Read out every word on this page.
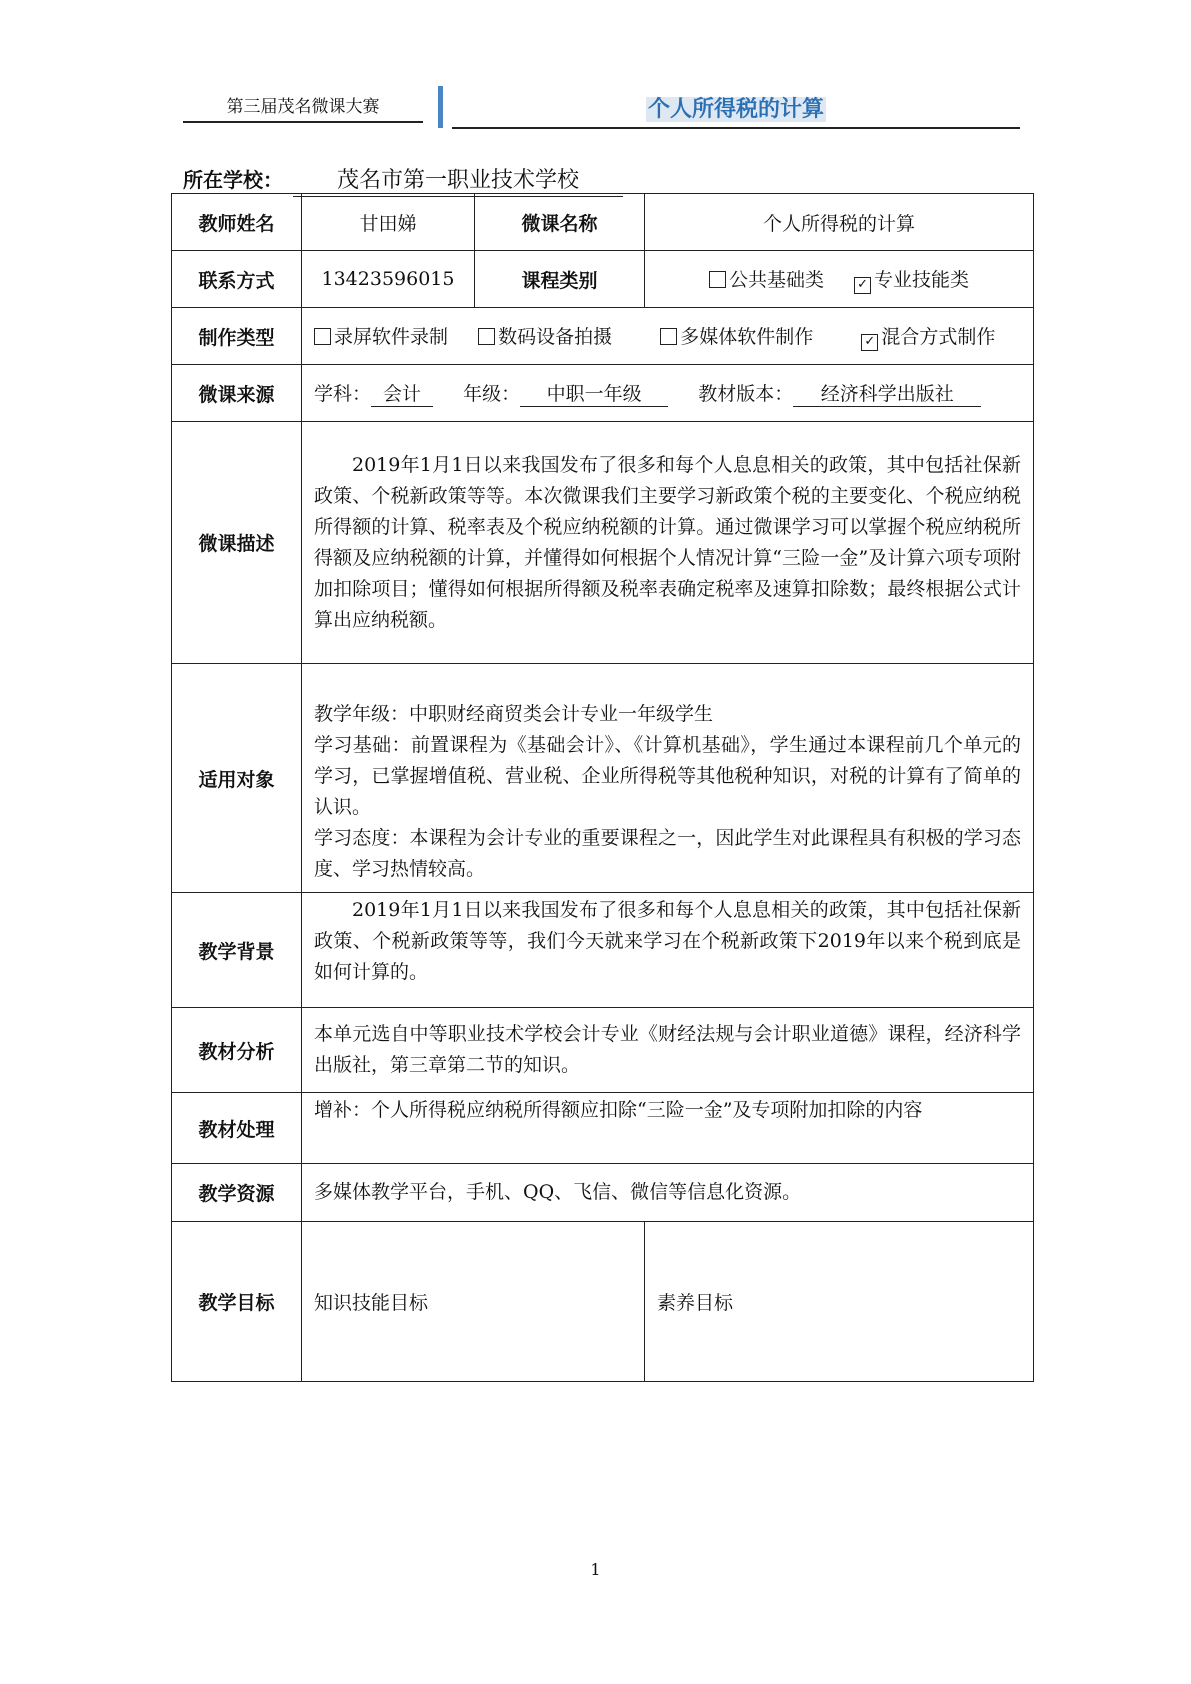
第三届茂名微课大赛	个人所得税的计算
所在学校： 茂名市第一职业技术学校
教师姓名	甘田娣	微课名称	个人所得税的计算
联系方式	13423596015	课程类别	公共基础类 ✓ 专业技能类
制作类型	录屏软件录制 数码设备拍摄 多媒体软件制作 ✓ 混合方式制作		
微课来源	学科： 会计 年级： 中职一年级 教材版本： 经济科学出版社		
微课描述	2019年1月1日以来我国发布了很多和每个人息息相关的政策，其中包括社保新政策、个税新政策等等。本次微课我们主要学习新政策个税的主要变化、个税应纳税所得额的计算、税率表及个税应纳税额的计算。通过微课学习可以掌握个税应纳税所得额及应纳税额的计算，并懂得如何根据个人情况计算“三险一金”及计算六项专项附加扣除项目；懂得如何根据所得额及税率表确定税率及速算扣除数；最终根据公式计算出应纳税额。		
适用对象	教学年级：中职财经商贸类会计专业一年级学生
学习基础：前置课程为《基础会计》、《计算机基础》，学生通过本课程前几个单元的学习，已掌握增值税、营业税、企业所得税等其他税种知识，对税的计算有了简单的认识。
学习态度：本课程为会计专业的重要课程之一，因此学生对此课程具有积极的学习态度、学习热情较高。		

教学背景	2019年1月1日以来我国发布了很多和每个人息息相关的政策，其中包括社保新政策、个税新政策等等，我们今天就来学习在个税新政策下2019年以来个税到底是如何计算的。		
教材分析	本单元选自中等职业技术学校会计专业《财经法规与会计职业道德》课程，经济科学出版社，第三章第二节的知识。		
教材处理	增补：个人所得税应纳税所得额应扣除“三险一金”及专项附加扣除的内容		
教学资源	多媒体教学平台，手机、QQ、飞信、微信等信息化资源。		
教学目标	知识技能目标		素养目标
1
